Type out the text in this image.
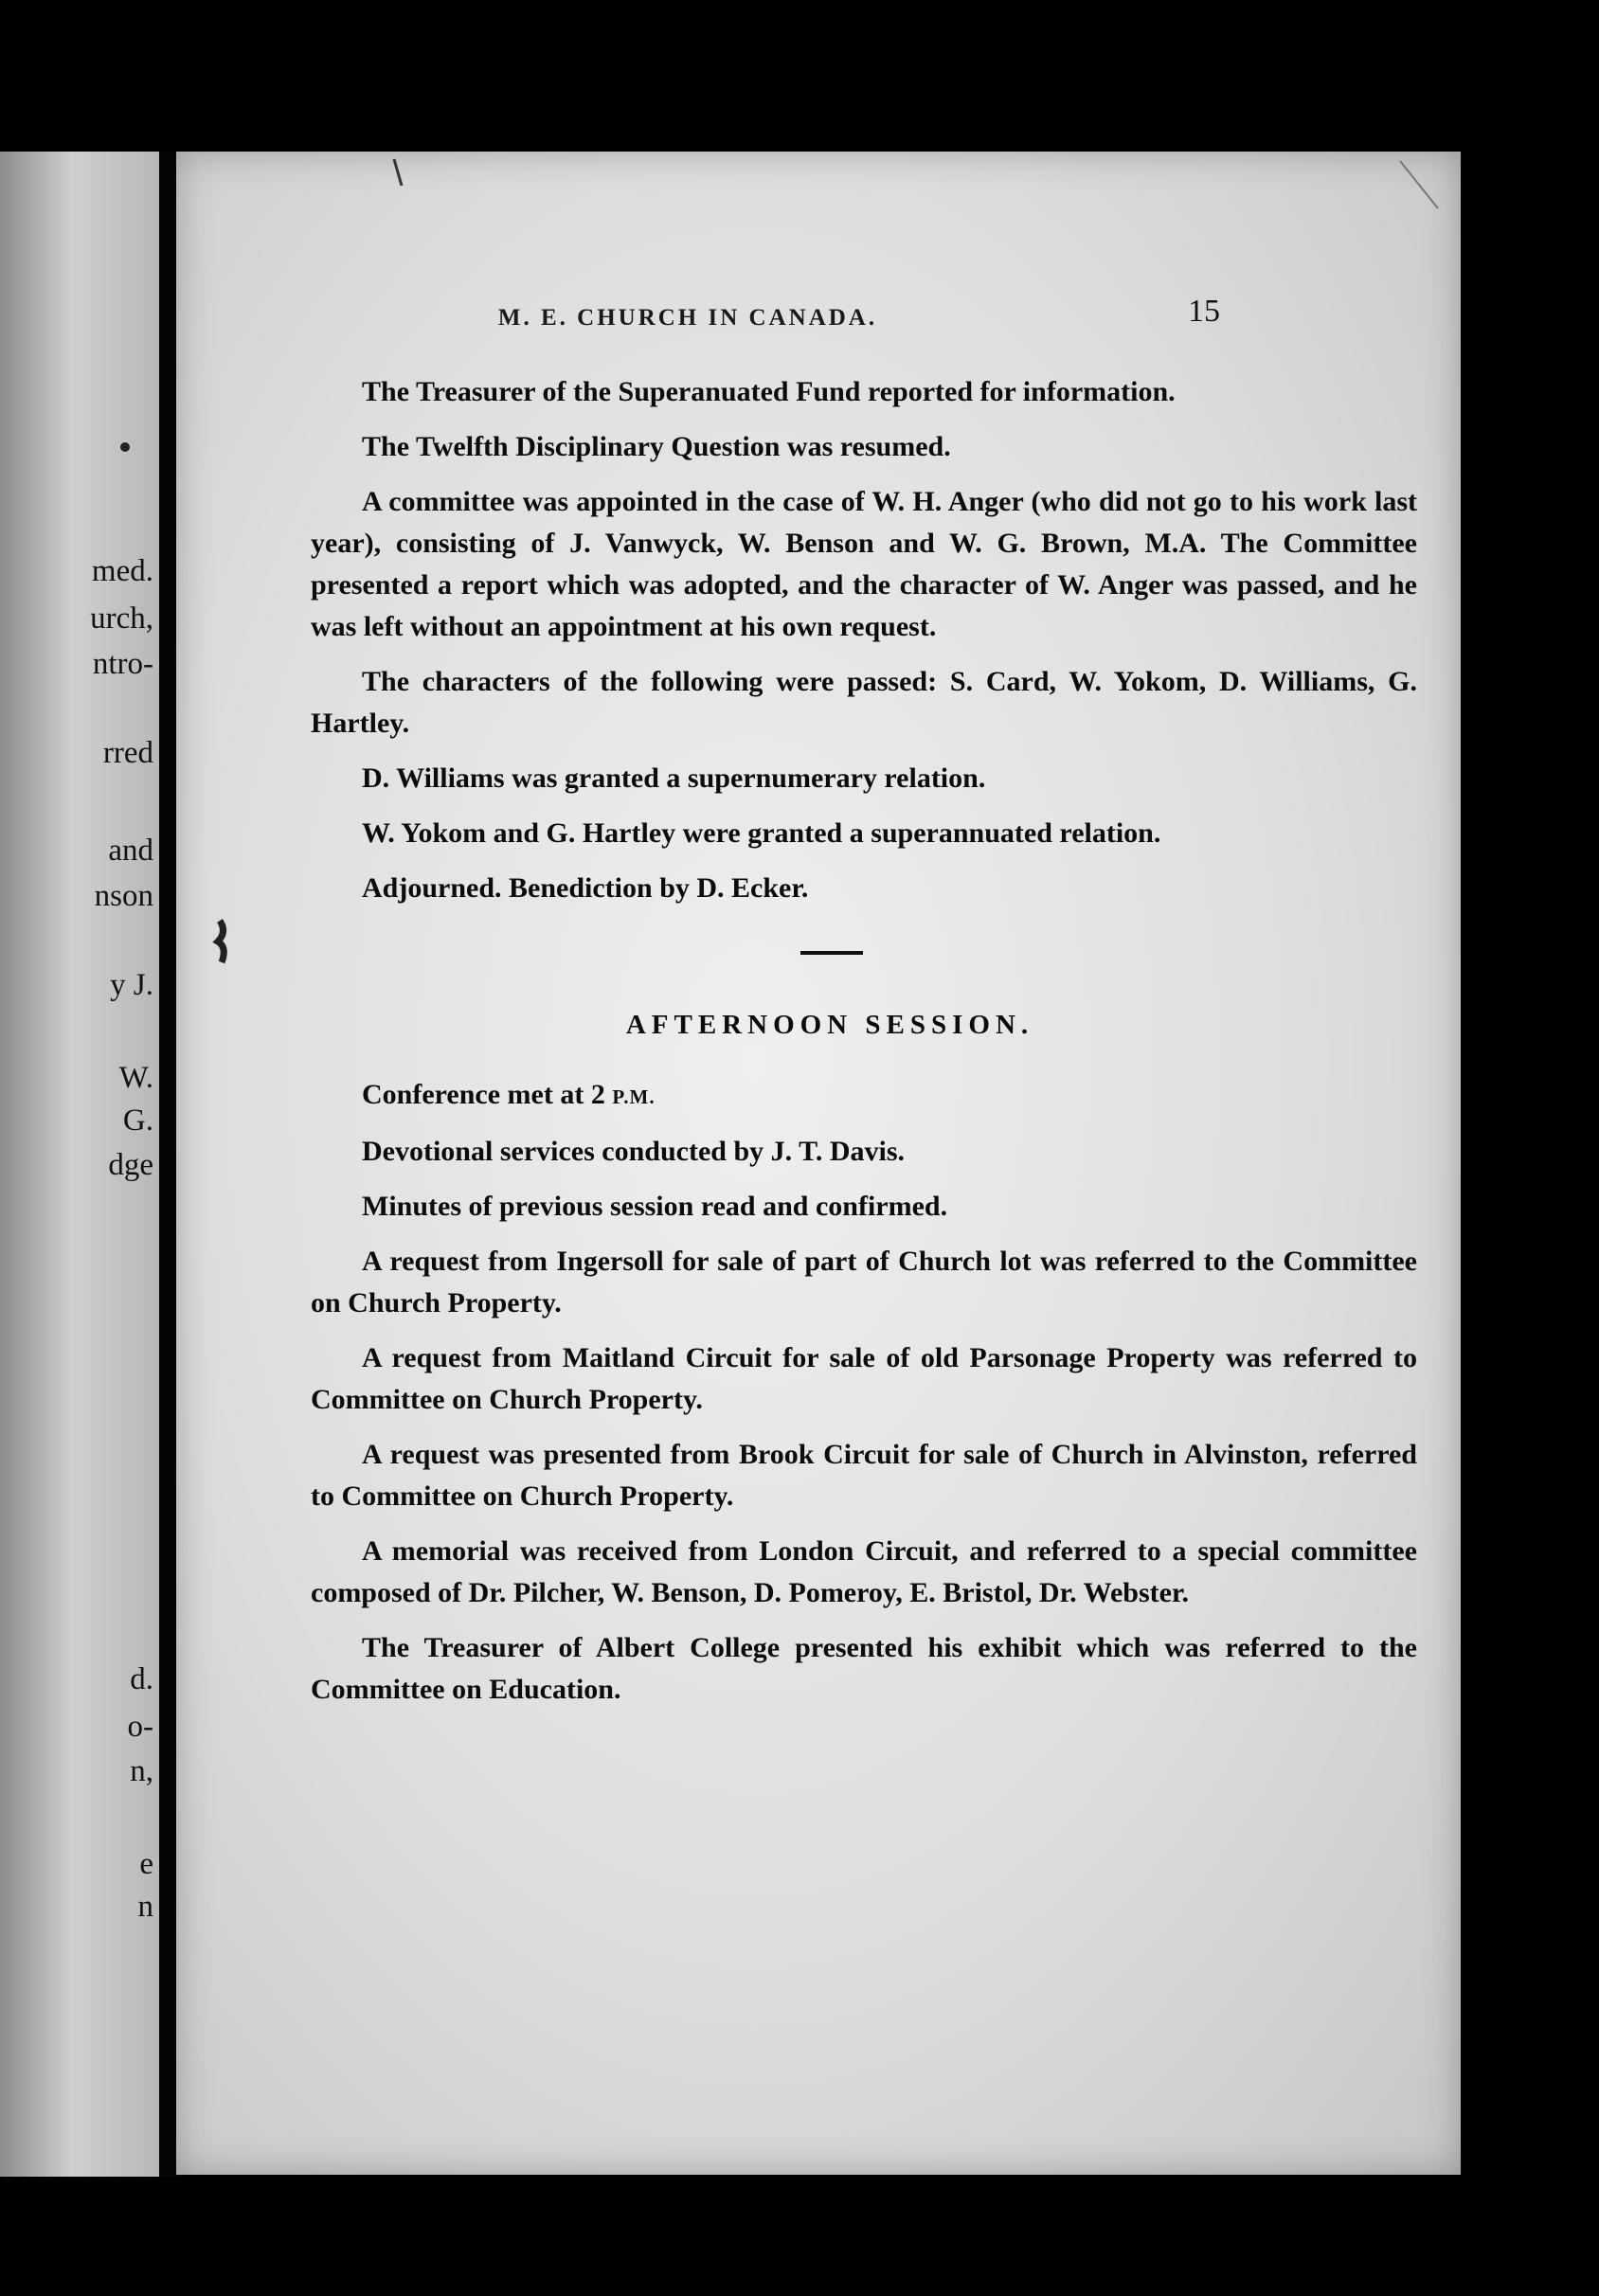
med.
urch,
ntro-
rred
and
nson
y J.
W.
G.
dge
d.
o-
n,
e
n
M. E. CHURCH IN CANADA.	15

The Treasurer of the Superanuated Fund reported for information.

The Twelfth Disciplinary Question was resumed.

A committee was appointed in the case of W. H. Anger (who did not go to his work last year), consisting of J. Vanwyck, W. Benson and W. G. Brown, M.A. The Committee presented a report which was adopted, and the character of W. Anger was passed, and he was left without an appointment at his own request.

The characters of the following were passed: S. Card, W. Yokom, D. Williams, G. Hartley.

D. Williams was granted a supernumerary relation.

W. Yokom and G. Hartley were granted a superannuated relation.

Adjourned. Benediction by D. Ecker.

AFTERNOON SESSION.

Conference met at 2 P.M.

Devotional services conducted by J. T. Davis.

Minutes of previous session read and confirmed.

A request from Ingersoll for sale of part of Church lot was referred to the Committee on Church Property.

A request from Maitland Circuit for sale of old Parsonage Property was referred to Committee on Church Property.

A request was presented from Brook Circuit for sale of Church in Alvinston, referred to Committee on Church Property.

A memorial was received from London Circuit, and referred to a special committee composed of Dr. Pilcher, W. Benson, D. Pomeroy, E. Bristol, Dr. Webster.

The Treasurer of Albert College presented his exhibit which was referred to the Committee on Education.
